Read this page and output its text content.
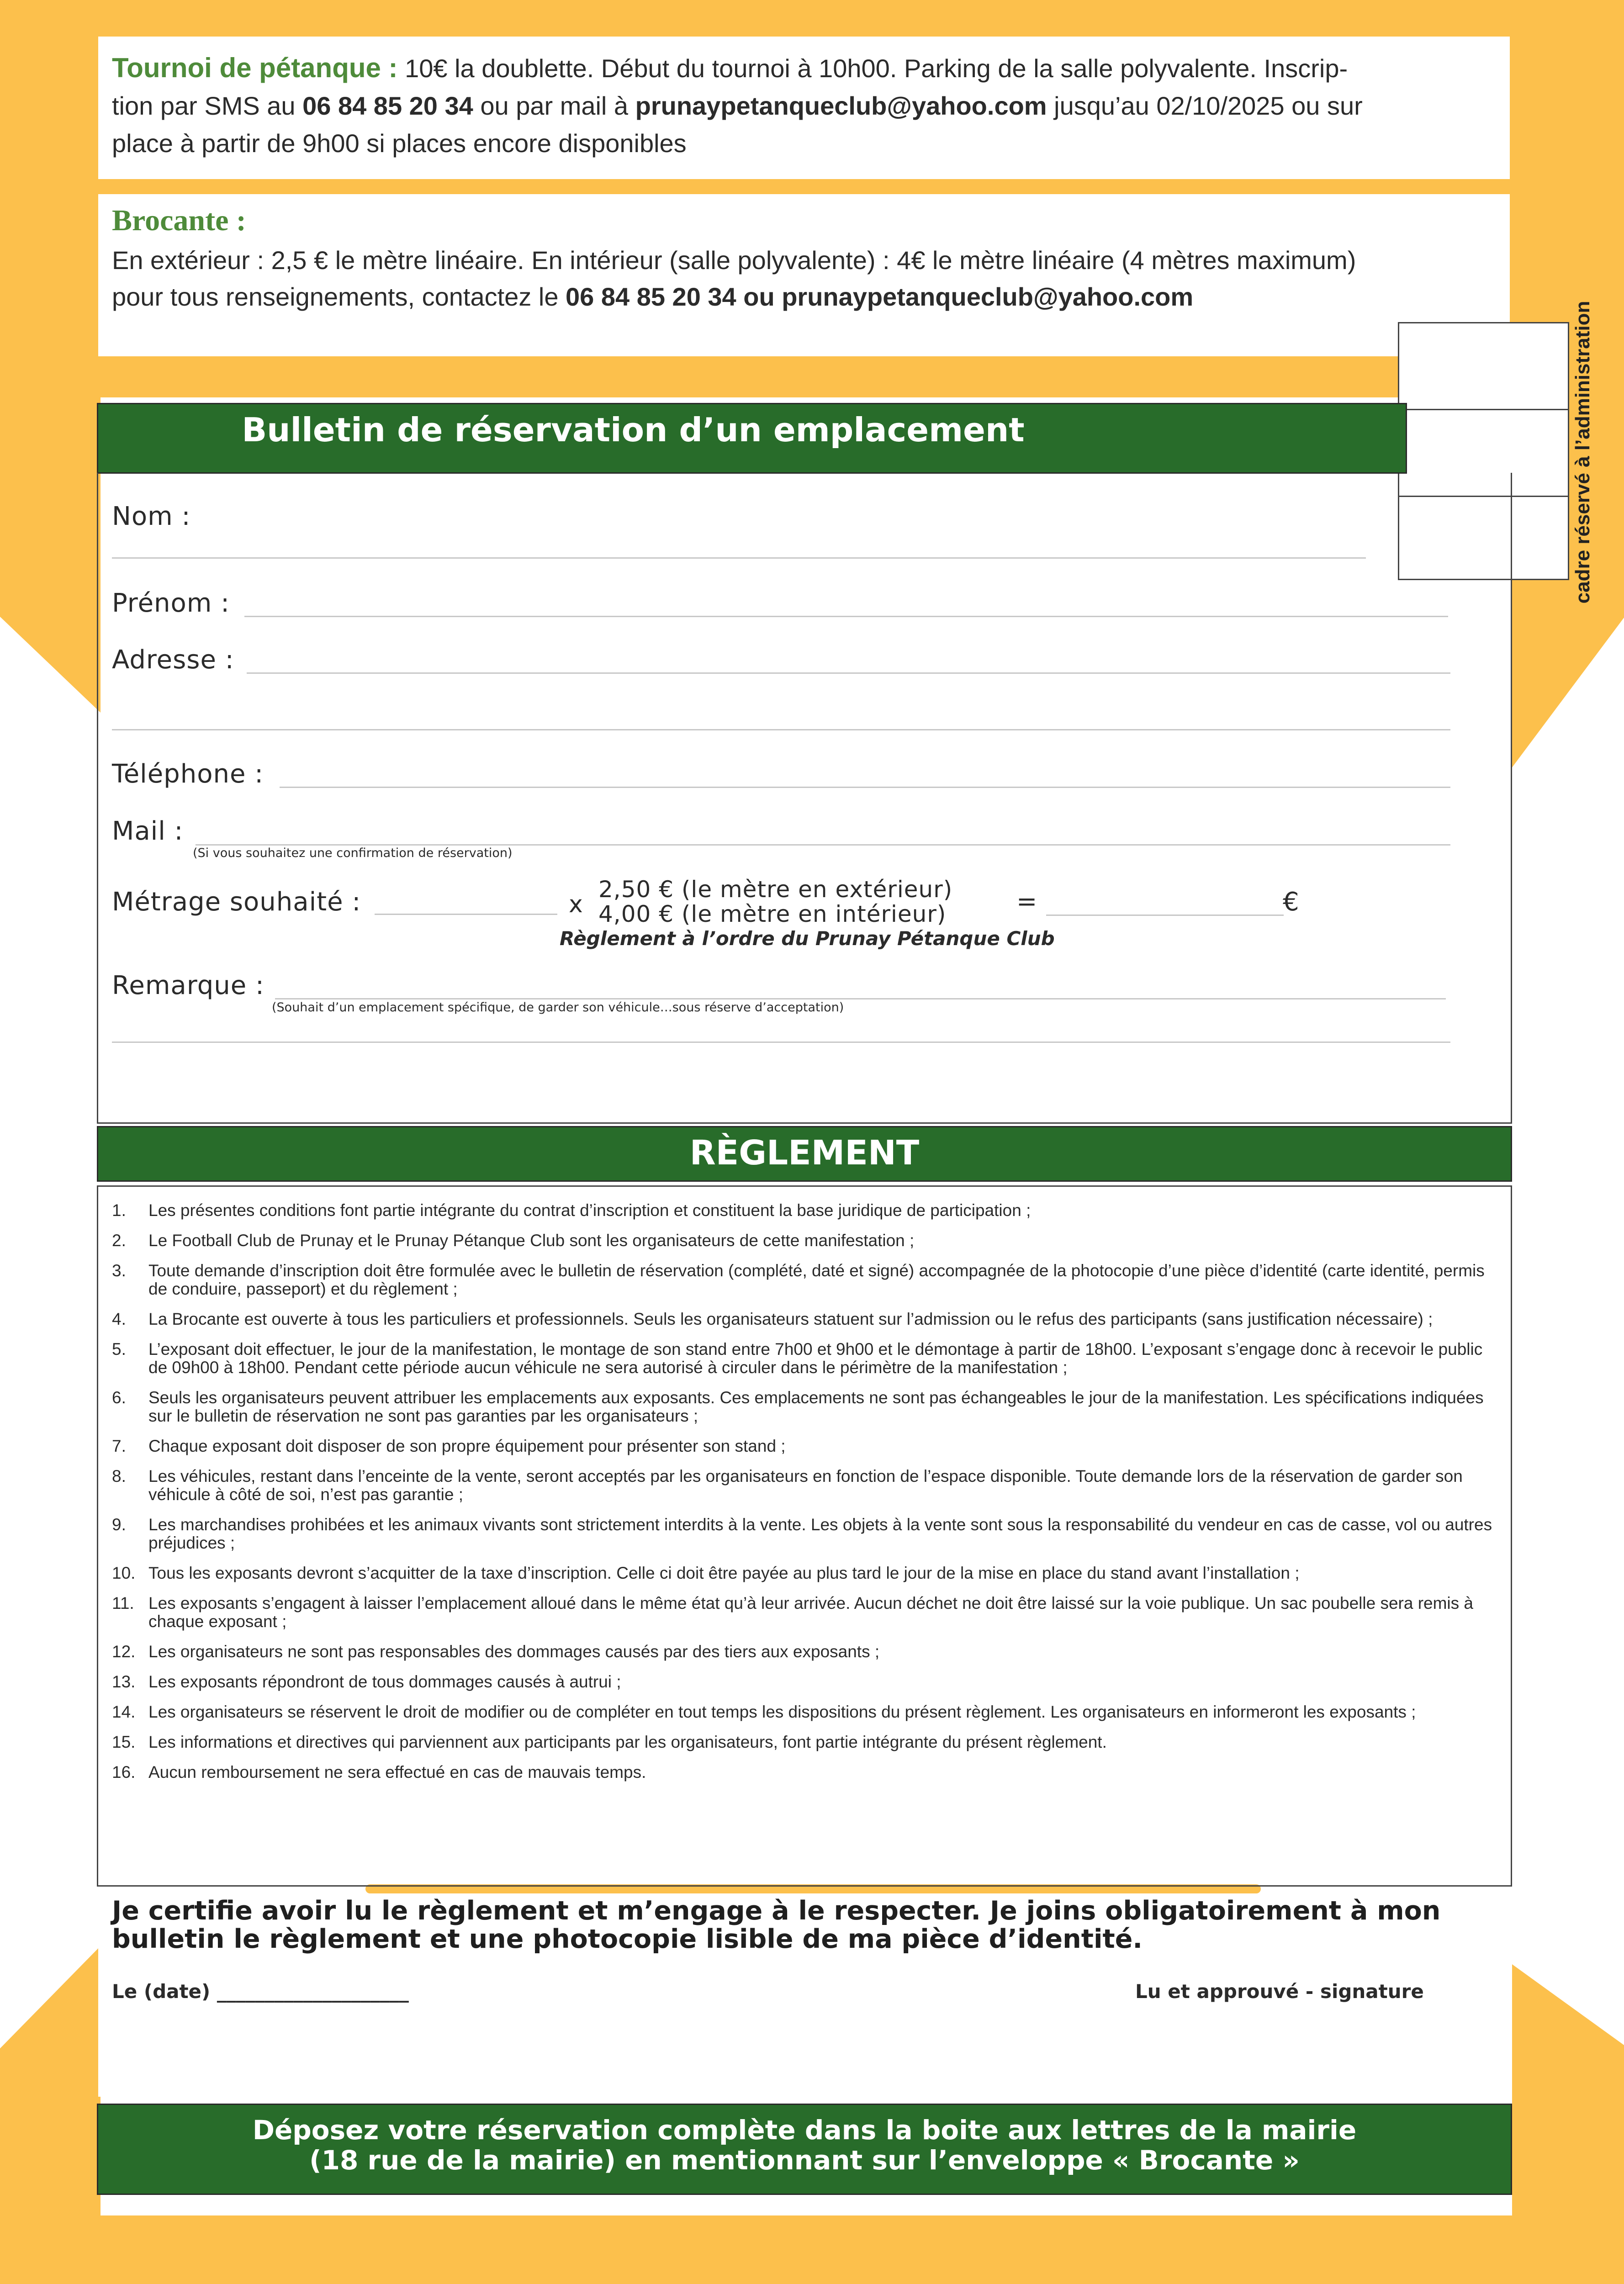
Tournoi de pétanque : 10€ la doublette. Début du tournoi à 10h00. Parking de la salle polyvalente. Inscrip-
tion par SMS au 06 84 85 20 34 ou par mail à prunaypetanqueclub@yahoo.com jusqu’au 02/10/2025 ou sur
place à partir de 9h00 si places encore disponibles
Brocante :
En extérieur : 2,5 € le mètre linéaire. En intérieur (salle polyvalente) : 4€ le mètre linéaire (4 mètres maximum)
pour tous renseignements, contactez le 06 84 85 20 34 ou prunaypetanqueclub@yahoo.com
cadre réservé à l’administration
Bulletin de réservation d’un emplacement
Nom :
Prénom :
Adresse :
Téléphone :
Mail :
(Si vous souhaitez une confirmation de réservation)
Métrage souhaité :	x
2,50 € (le mètre en extérieur)
4,00 € (le mètre en intérieur)	=	€
Règlement à l’ordre du Prunay Pétanque Club
Remarque :
(Souhait d’un emplacement spécifique, de garder son véhicule…sous réserve d’acceptation)
RÈGLEMENT
1. Les présentes conditions font partie intégrante du contrat d’inscription et constituent la base juridique de participation ;
2. Le Football Club de Prunay et le Prunay Pétanque Club sont les organisateurs de cette manifestation ;
3. Toute demande d’inscription doit être formulée avec le bulletin de réservation (complété, daté et signé) accompagnée de la photocopie d’une pièce d’identité (carte identité, permis de conduire, passeport) et du règlement ;
4. La Brocante est ouverte à tous les particuliers et professionnels. Seuls les organisateurs statuent sur l’admission ou le refus des participants (sans justification nécessaire) ;
5. L’exposant doit effectuer, le jour de la manifestation, le montage de son stand entre 7h00 et 9h00 et le démontage à partir de 18h00. L’exposant s’engage donc à recevoir le public de 09h00 à 18h00. Pendant cette période aucun véhicule ne sera autorisé à circuler dans le périmètre de la manifestation ;
6. Seuls les organisateurs peuvent attribuer les emplacements aux exposants. Ces emplacements ne sont pas échangeables le jour de la manifestation. Les spécifications indiquées sur le bulletin de réservation ne sont pas garanties par les organisateurs ;
7. Chaque exposant doit disposer de son propre équipement pour présenter son stand ;
8. Les véhicules, restant dans l’enceinte de la vente, seront acceptés par les organisateurs en fonction de l’espace disponible. Toute demande lors de la réservation de garder son véhicule à côté de soi, n’est pas garantie ;
9. Les marchandises prohibées et les animaux vivants sont strictement interdits à la vente. Les objets à la vente sont sous la responsabilité du vendeur en cas de casse, vol ou autres préjudices ;
10. Tous les exposants devront s’acquitter de la taxe d’inscription. Celle ci doit être payée au plus tard le jour de la mise en place du stand avant l’installation ;
11. Les exposants s’engagent à laisser l’emplacement alloué dans le même état qu’à leur arrivée. Aucun déchet ne doit être laissé sur la voie publique. Un sac poubelle sera remis à chaque exposant ;
12. Les organisateurs ne sont pas responsables des dommages causés par des tiers aux exposants ;
13. Les exposants répondront de tous dommages causés à autrui ;
14. Les organisateurs se réservent le droit de modifier ou de compléter en tout temps les dispositions du présent règlement. Les organisateurs en informeront les exposants ;
15. Les informations et directives qui parviennent aux participants par les organisateurs, font partie intégrante du présent règlement.
16. Aucun remboursement ne sera effectué en cas de mauvais temps.
Je certifie avoir lu le règlement et m’engage à le respecter. Je joins obligatoirement à mon
bulletin le règlement et une photocopie lisible de ma pièce d’identité.
Le (date) ____________________	Lu et approuvé - signature
Déposez votre réservation complète dans la boite aux lettres de la mairie
(18 rue de la mairie) en mentionnant sur l’enveloppe « Brocante »
